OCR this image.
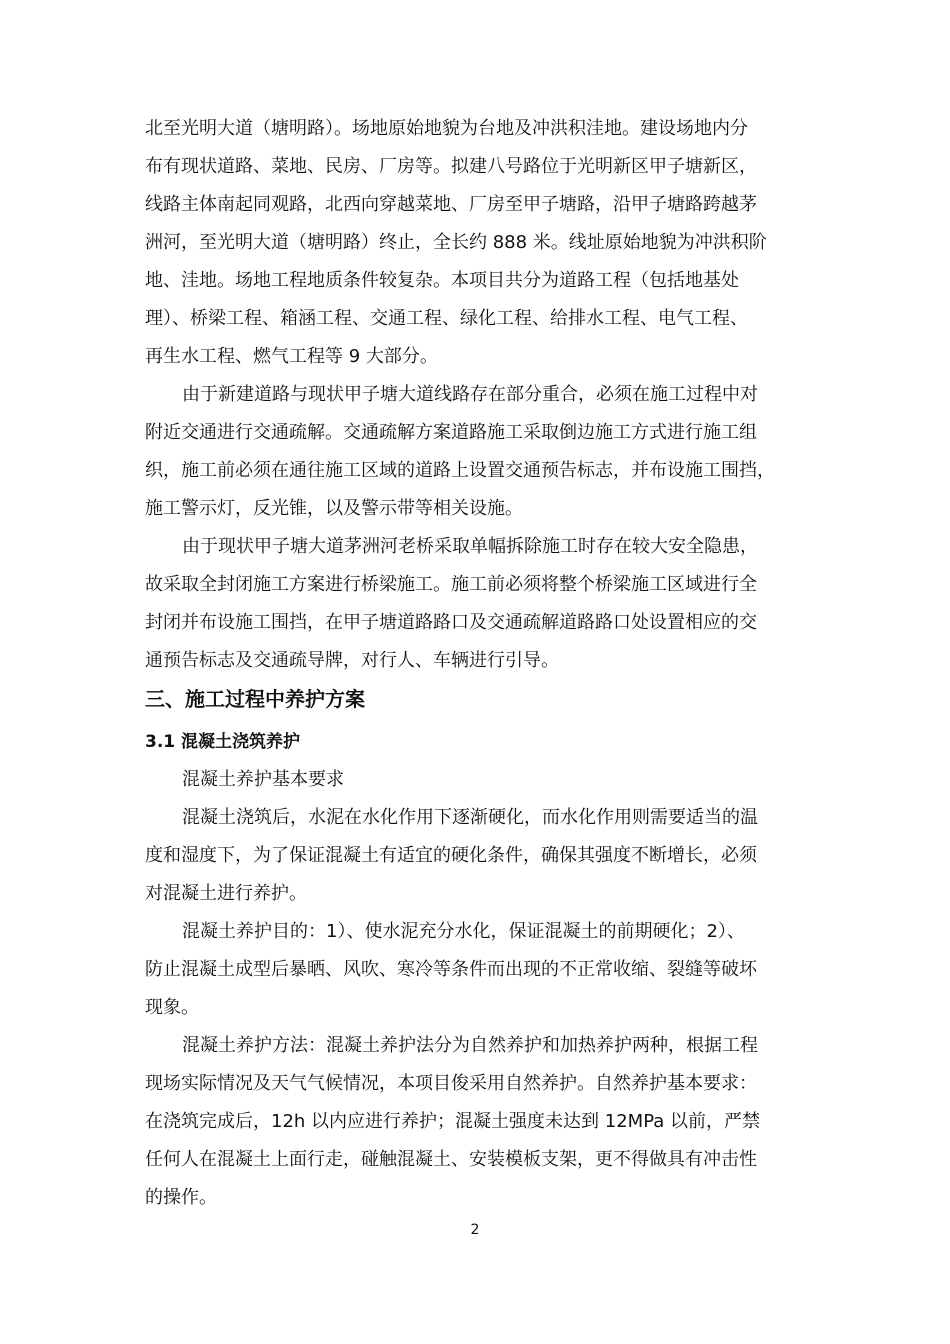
北至光明大道（塘明路）。场地原始地貌为台地及冲洪积洼地。建设场地内分
布有现状道路、菜地、民房、厂房等。拟建八号路位于光明新区甲子塘新区，
线路主体南起同观路，北西向穿越菜地、厂房至甲子塘路，沿甲子塘路跨越茅
洲河，至光明大道（塘明路）终止，全长约 888 米。线址原始地貌为冲洪积阶
地、洼地。场地工程地质条件较复杂。本项目共分为道路工程（包括地基处
理）、桥梁工程、箱涵工程、交通工程、绿化工程、给排水工程、电气工程、
再生水工程、燃气工程等 9 大部分。
由于新建道路与现状甲子塘大道线路存在部分重合，必须在施工过程中对
附近交通进行交通疏解。交通疏解方案道路施工采取倒边施工方式进行施工组
织，施工前必须在通往施工区域的道路上设置交通预告标志，并布设施工围挡，
施工警示灯，反光锥，以及警示带等相关设施。
由于现状甲子塘大道茅洲河老桥采取单幅拆除施工时存在较大安全隐患，
故采取全封闭施工方案进行桥梁施工。施工前必须将整个桥梁施工区域进行全
封闭并布设施工围挡，在甲子塘道路路口及交通疏解道路路口处设置相应的交
通预告标志及交通疏导牌，对行人、车辆进行引导。
三、施工过程中养护方案
3.1 混凝土浇筑养护
混凝土养护基本要求
混凝土浇筑后，水泥在水化作用下逐渐硬化，而水化作用则需要适当的温
度和湿度下，为了保证混凝土有适宜的硬化条件，确保其强度不断增长，必须
对混凝土进行养护。
混凝土养护目的：1）、使水泥充分水化，保证混凝土的前期硬化；2）、
防止混凝土成型后暴晒、风吹、寒冷等条件而出现的不正常收缩、裂缝等破坏
现象。
混凝土养护方法：混凝土养护法分为自然养护和加热养护两种，根据工程
现场实际情况及天气气候情况，本项目俊采用自然养护。自然养护基本要求：
在浇筑完成后，12h 以内应进行养护；混凝土强度未达到 12MPa 以前，严禁
任何人在混凝土上面行走，碰触混凝土、安装模板支架，更不得做具有冲击性
的操作。
2
